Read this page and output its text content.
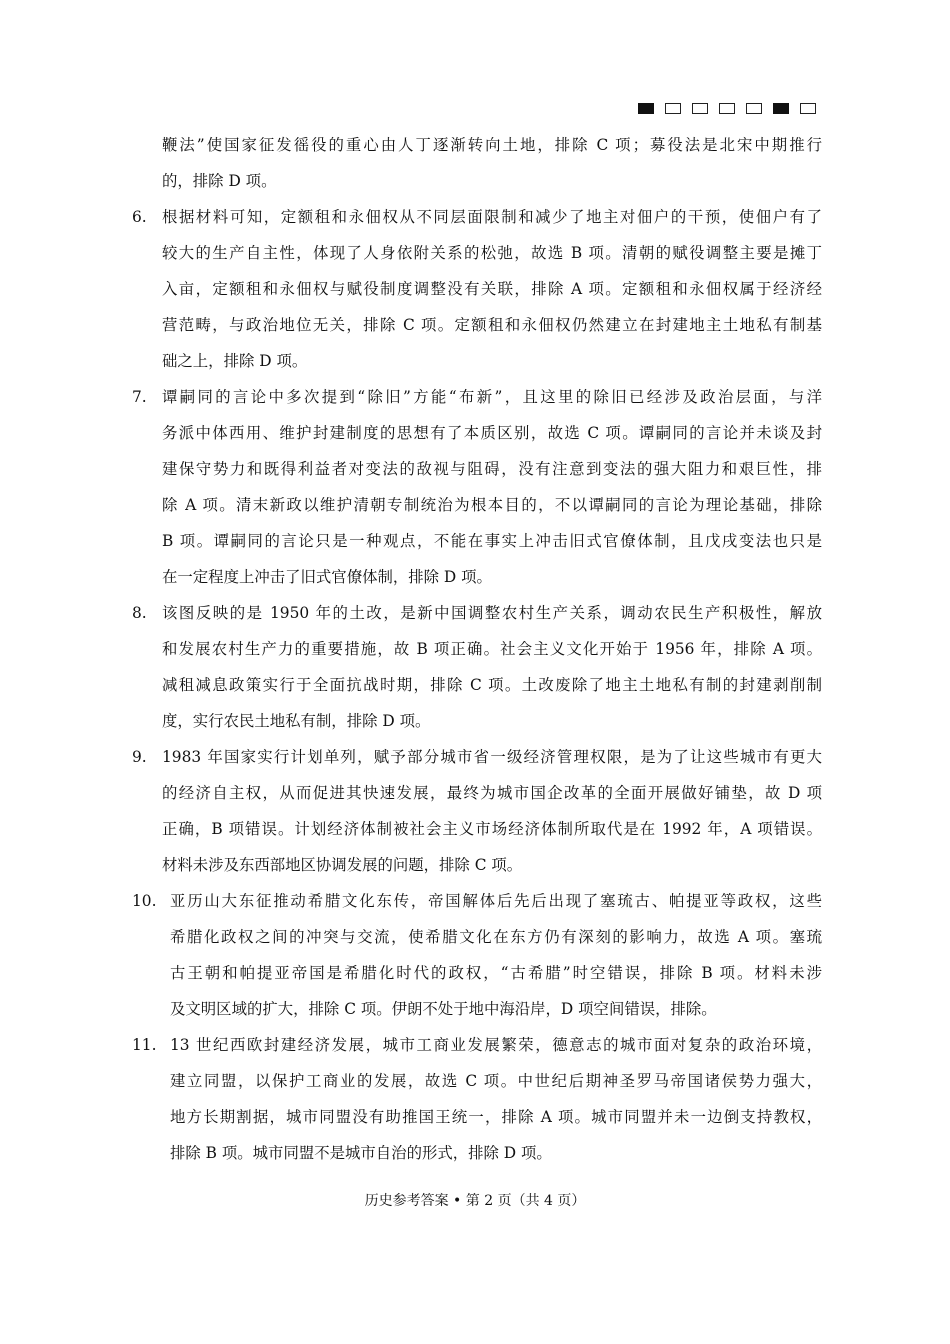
鞭法”使国家征发徭役的重心由人丁逐渐转向土地，排除 C 项；募役法是北宋中期推行
的，排除 D 项。
6. 根据材料可知，定额租和永佃权从不同层面限制和减少了地主对佃户的干预，使佃户有了
较大的生产自主性，体现了人身依附关系的松弛，故选 B 项。清朝的赋役调整主要是摊丁
入亩，定额租和永佃权与赋役制度调整没有关联，排除 A 项。定额租和永佃权属于经济经
营范畴，与政治地位无关，排除 C 项。定额租和永佃权仍然建立在封建地主土地私有制基
础之上，排除 D 项。
7. 谭嗣同的言论中多次提到“除旧”方能“布新”，且这里的除旧已经涉及政治层面，与洋
务派中体西用、维护封建制度的思想有了本质区别，故选 C 项。谭嗣同的言论并未谈及封
建保守势力和既得利益者对变法的敌视与阻碍，没有注意到变法的强大阻力和艰巨性，排
除 A 项。清末新政以维护清朝专制统治为根本目的，不以谭嗣同的言论为理论基础，排除
B 项。谭嗣同的言论只是一种观点，不能在事实上冲击旧式官僚体制，且戊戌变法也只是
在一定程度上冲击了旧式官僚体制，排除 D 项。
8. 该图反映的是 1950 年的土改，是新中国调整农村生产关系，调动农民生产积极性，解放
和发展农村生产力的重要措施，故 B 项正确。社会主义文化开始于 1956 年，排除 A 项。
减租减息政策实行于全面抗战时期，排除 C 项。土改废除了地主土地私有制的封建剥削制
度，实行农民土地私有制，排除 D 项。
9. 1983 年国家实行计划单列，赋予部分城市省一级经济管理权限，是为了让这些城市有更大
的经济自主权，从而促进其快速发展，最终为城市国企改革的全面开展做好铺垫，故 D 项
正确，B 项错误。计划经济体制被社会主义市场经济体制所取代是在 1992 年，A 项错误。
材料未涉及东西部地区协调发展的问题，排除 C 项。
10. 亚历山大东征推动希腊文化东传，帝国解体后先后出现了塞琉古、帕提亚等政权，这些
希腊化政权之间的冲突与交流，使希腊文化在东方仍有深刻的影响力，故选 A 项。塞琉
古王朝和帕提亚帝国是希腊化时代的政权，“古希腊”时空错误，排除 B 项。材料未涉
及文明区域的扩大，排除 C 项。伊朗不处于地中海沿岸，D 项空间错误，排除。
11. 13 世纪西欧封建经济发展，城市工商业发展繁荣，德意志的城市面对复杂的政治环境，
建立同盟，以保护工商业的发展，故选 C 项。中世纪后期神圣罗马帝国诸侯势力强大，
地方长期割据，城市同盟没有助推国王统一，排除 A 项。城市同盟并未一边倒支持教权，
排除 B 项。城市同盟不是城市自治的形式，排除 D 项。
历史参考答案 • 第 2 页（共 4 页）
